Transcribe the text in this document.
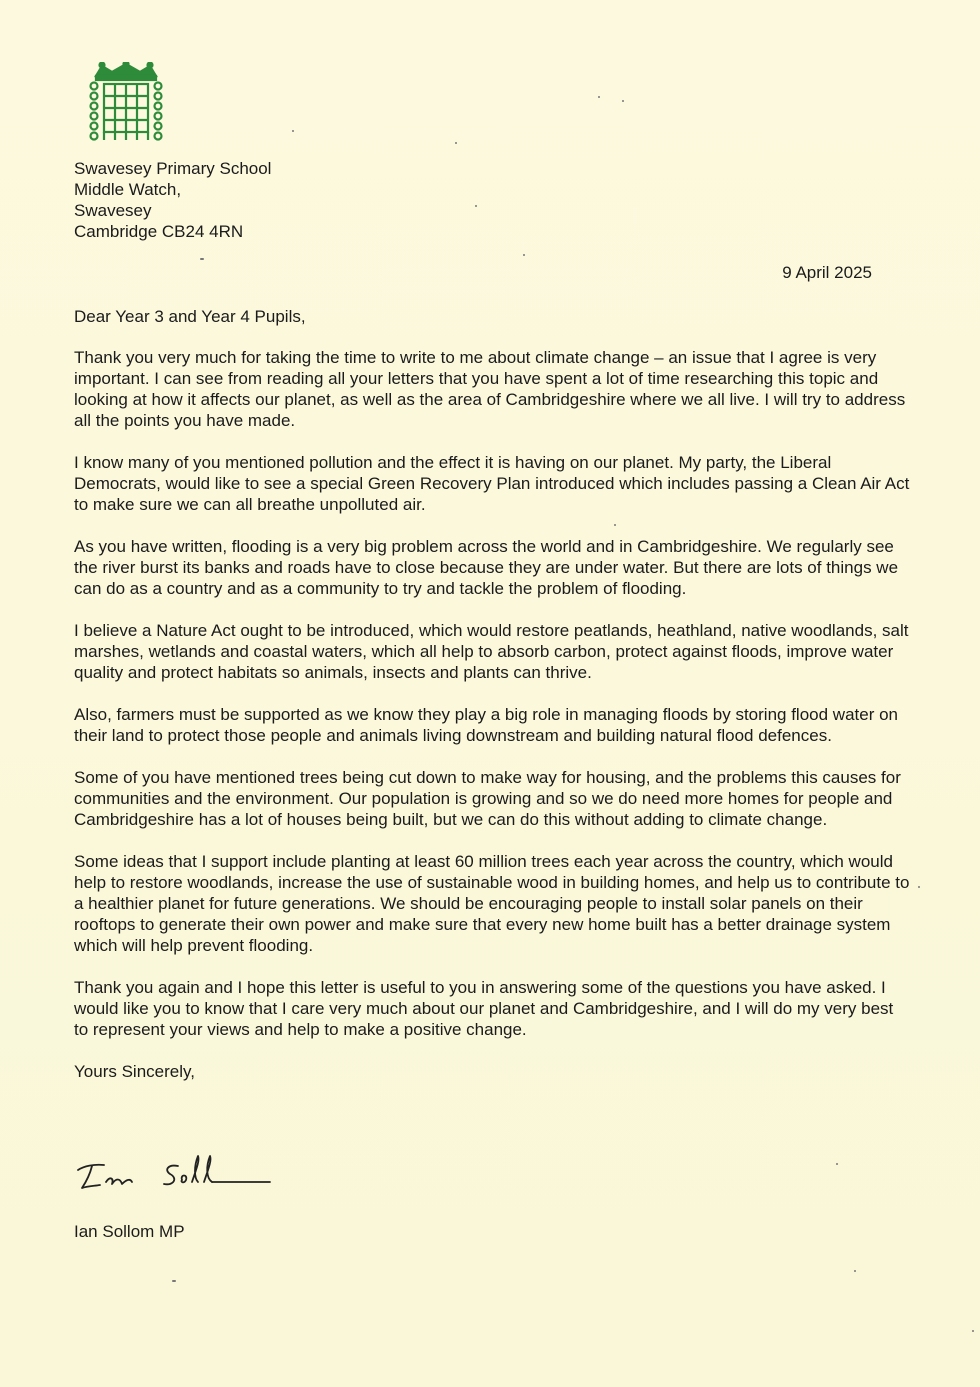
Swavesey Primary School
Middle Watch,
Swavesey
Cambridge CB24 4RN
9 April 2025

Dear Year 3 and Year 4 Pupils,

Thank you very much for taking the time to write to me about climate change – an issue that I agree is very important. I can see from reading all your letters that you have spent a lot of time researching this topic and looking at how it affects our planet, as well as the area of Cambridgeshire where we all live. I will try to address all the points you have made.

I know many of you mentioned pollution and the effect it is having on our planet. My party, the Liberal Democrats, would like to see a special Green Recovery Plan introduced which includes passing a Clean Air Act to make sure we can all breathe unpolluted air.

As you have written, flooding is a very big problem across the world and in Cambridgeshire. We regularly see the river burst its banks and roads have to close because they are under water. But there are lots of things we can do as a country and as a community to try and tackle the problem of flooding.

I believe a Nature Act ought to be introduced, which would restore peatlands, heathland, native woodlands, salt marshes, wetlands and coastal waters, which all help to absorb carbon, protect against floods, improve water quality and protect habitats so animals, insects and plants can thrive.

Also, farmers must be supported as we know they play a big role in managing floods by storing flood water on their land to protect those people and animals living downstream and building natural flood defences.

Some of you have mentioned trees being cut down to make way for housing, and the problems this causes for communities and the environment. Our population is growing and so we do need more homes for people and Cambridgeshire has a lot of houses being built, but we can do this without adding to climate change.

Some ideas that I support include planting at least 60 million trees each year across the country, which would help to restore woodlands, increase the use of sustainable wood in building homes, and help us to contribute to a healthier planet for future generations. We should be encouraging people to install solar panels on their rooftops to generate their own power and make sure that every new home built has a better drainage system which will help prevent flooding.

Thank you again and I hope this letter is useful to you in answering some of the questions you have asked. I would like you to know that I care very much about our planet and Cambridgeshire, and I will do my very best to represent your views and help to make a positive change.

Yours Sincerely,

Ian Sollom MP
